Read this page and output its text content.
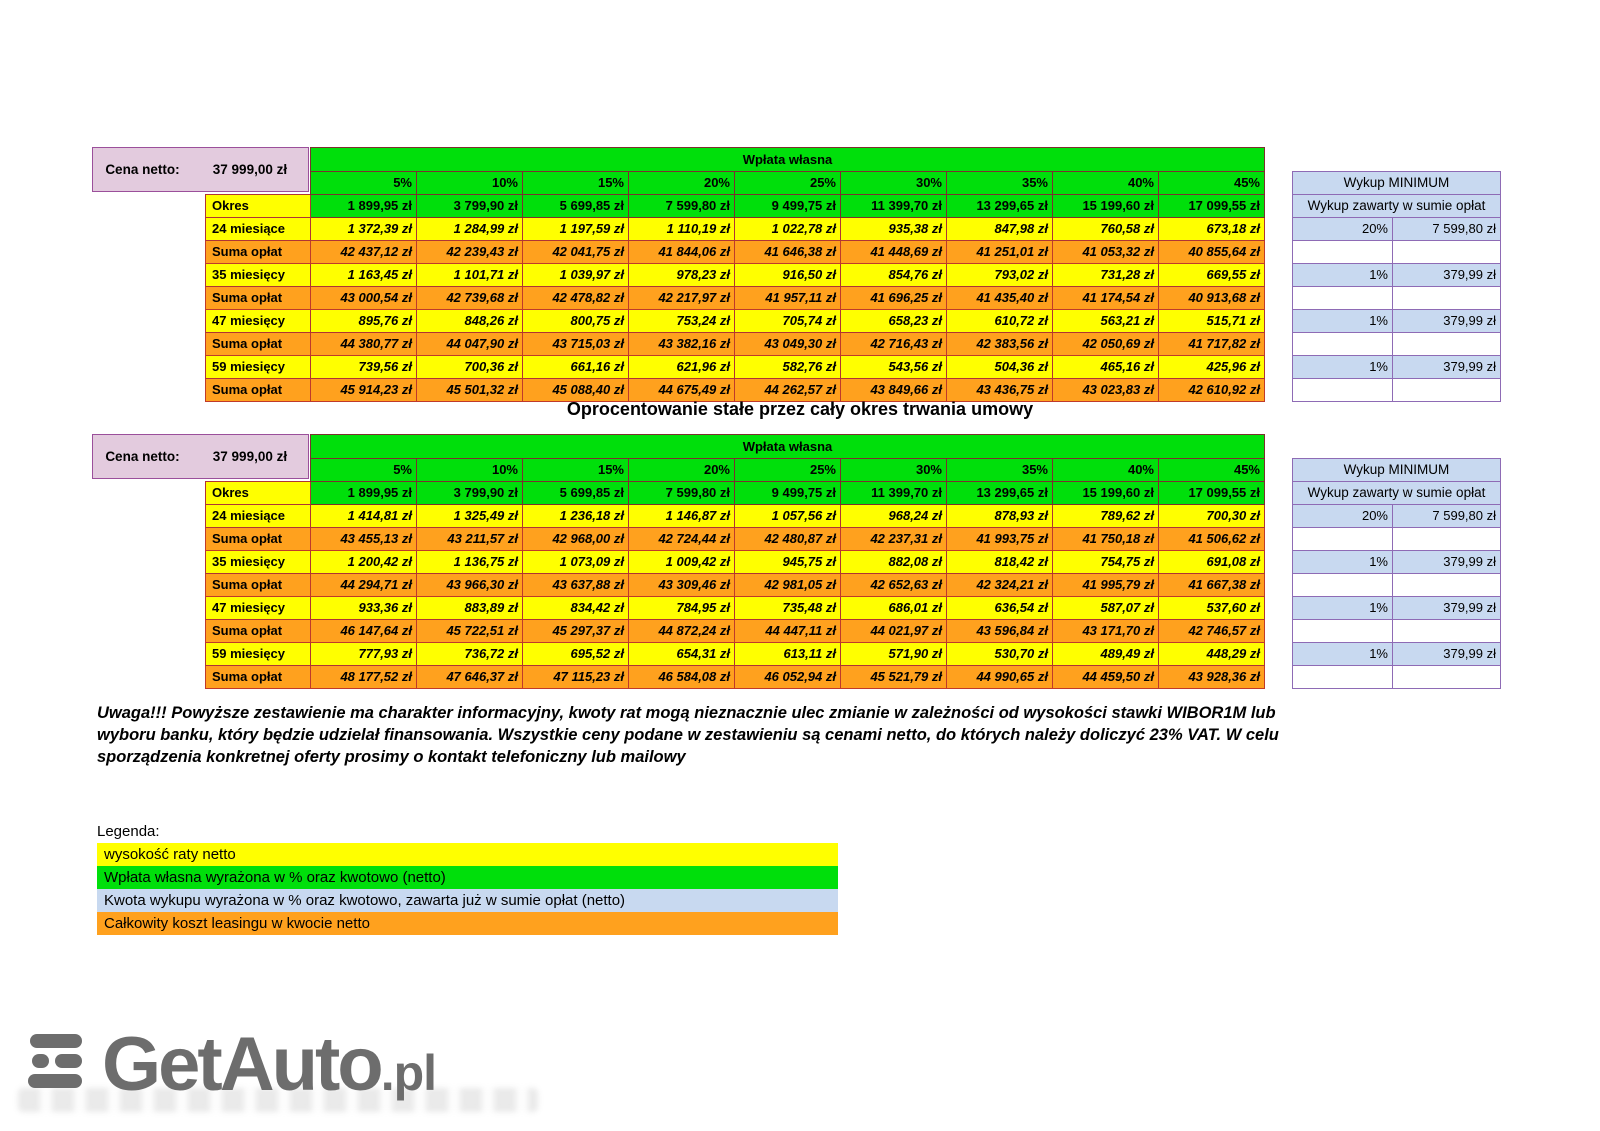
Cena netto:	37 999,00 zł
	Wpłata własna											
	5%	10%	15%	20%	25%	30%	35%	40%	45%		Wykup MINIMUM	
Okres	1 899,95 zł	3 799,90 zł	5 699,85 zł	7 599,80 zł	9 499,75 zł	11 399,70 zł	13 299,65 zł	15 199,60 zł	17 099,55 zł		Wykup zawarty w sumie opłat	
24 miesiące	1 372,39 zł	1 284,99 zł	1 197,59 zł	1 110,19 zł	1 022,78 zł	935,38 zł	847,98 zł	760,58 zł	673,18 zł		20%	7 599,80 zł
Suma opłat	42 437,12 zł	42 239,43 zł	42 041,75 zł	41 844,06 zł	41 646,38 zł	41 448,69 zł	41 251,01 zł	41 053,32 zł	40 855,64 zł			
35 miesięcy	1 163,45 zł	1 101,71 zł	1 039,97 zł	978,23 zł	916,50 zł	854,76 zł	793,02 zł	731,28 zł	669,55 zł		1%	379,99 zł
Suma opłat	43 000,54 zł	42 739,68 zł	42 478,82 zł	42 217,97 zł	41 957,11 zł	41 696,25 zł	41 435,40 zł	41 174,54 zł	40 913,68 zł			
47 miesięcy	895,76 zł	848,26 zł	800,75 zł	753,24 zł	705,74 zł	658,23 zł	610,72 zł	563,21 zł	515,71 zł		1%	379,99 zł
Suma opłat	44 380,77 zł	44 047,90 zł	43 715,03 zł	43 382,16 zł	43 049,30 zł	42 716,43 zł	42 383,56 zł	42 050,69 zł	41 717,82 zł			
59 miesięcy	739,56 zł	700,36 zł	661,16 zł	621,96 zł	582,76 zł	543,56 zł	504,36 zł	465,16 zł	425,96 zł		1%	379,99 zł
Suma opłat	45 914,23 zł	45 501,32 zł	45 088,40 zł	44 675,49 zł	44 262,57 zł	43 849,66 zł	43 436,75 zł	43 023,83 zł	42 610,92 zł			
Oprocentowanie stałe przez cały okres trwania umowy
Cena netto:	37 999,00 zł
	Wpłata własna											
	5%	10%	15%	20%	25%	30%	35%	40%	45%		Wykup MINIMUM	
Okres	1 899,95 zł	3 799,90 zł	5 699,85 zł	7 599,80 zł	9 499,75 zł	11 399,70 zł	13 299,65 zł	15 199,60 zł	17 099,55 zł		Wykup zawarty w sumie opłat	
24 miesiące	1 414,81 zł	1 325,49 zł	1 236,18 zł	1 146,87 zł	1 057,56 zł	968,24 zł	878,93 zł	789,62 zł	700,30 zł		20%	7 599,80 zł
Suma opłat	43 455,13 zł	43 211,57 zł	42 968,00 zł	42 724,44 zł	42 480,87 zł	42 237,31 zł	41 993,75 zł	41 750,18 zł	41 506,62 zł			
35 miesięcy	1 200,42 zł	1 136,75 zł	1 073,09 zł	1 009,42 zł	945,75 zł	882,08 zł	818,42 zł	754,75 zł	691,08 zł		1%	379,99 zł
Suma opłat	44 294,71 zł	43 966,30 zł	43 637,88 zł	43 309,46 zł	42 981,05 zł	42 652,63 zł	42 324,21 zł	41 995,79 zł	41 667,38 zł			
47 miesięcy	933,36 zł	883,89 zł	834,42 zł	784,95 zł	735,48 zł	686,01 zł	636,54 zł	587,07 zł	537,60 zł		1%	379,99 zł
Suma opłat	46 147,64 zł	45 722,51 zł	45 297,37 zł	44 872,24 zł	44 447,11 zł	44 021,97 zł	43 596,84 zł	43 171,70 zł	42 746,57 zł			
59 miesięcy	777,93 zł	736,72 zł	695,52 zł	654,31 zł	613,11 zł	571,90 zł	530,70 zł	489,49 zł	448,29 zł		1%	379,99 zł
Suma opłat	48 177,52 zł	47 646,37 zł	47 115,23 zł	46 584,08 zł	46 052,94 zł	45 521,79 zł	44 990,65 zł	44 459,50 zł	43 928,36 zł			
Uwaga!!! Powyższe zestawienie ma charakter informacyjny, kwoty rat mogą nieznacznie ulec zmianie w zależności od wysokości stawki WIBOR1M lub
wyboru banku, który będzie udzielał finansowania. Wszystkie ceny podane w zestawieniu są cenami netto, do których należy doliczyć 23% VAT. W celu
sporządzenia konkretnej oferty prosimy o kontakt telefoniczny lub mailowy
Legenda:
wysokość raty netto
Wpłata własna wyrażona w % oraz kwotowo (netto)
Kwota wykupu wyrażona w % oraz kwotowo, zawarta już w sumie opłat (netto)
Całkowity koszt leasingu w kwocie netto
GetAuto.pl
